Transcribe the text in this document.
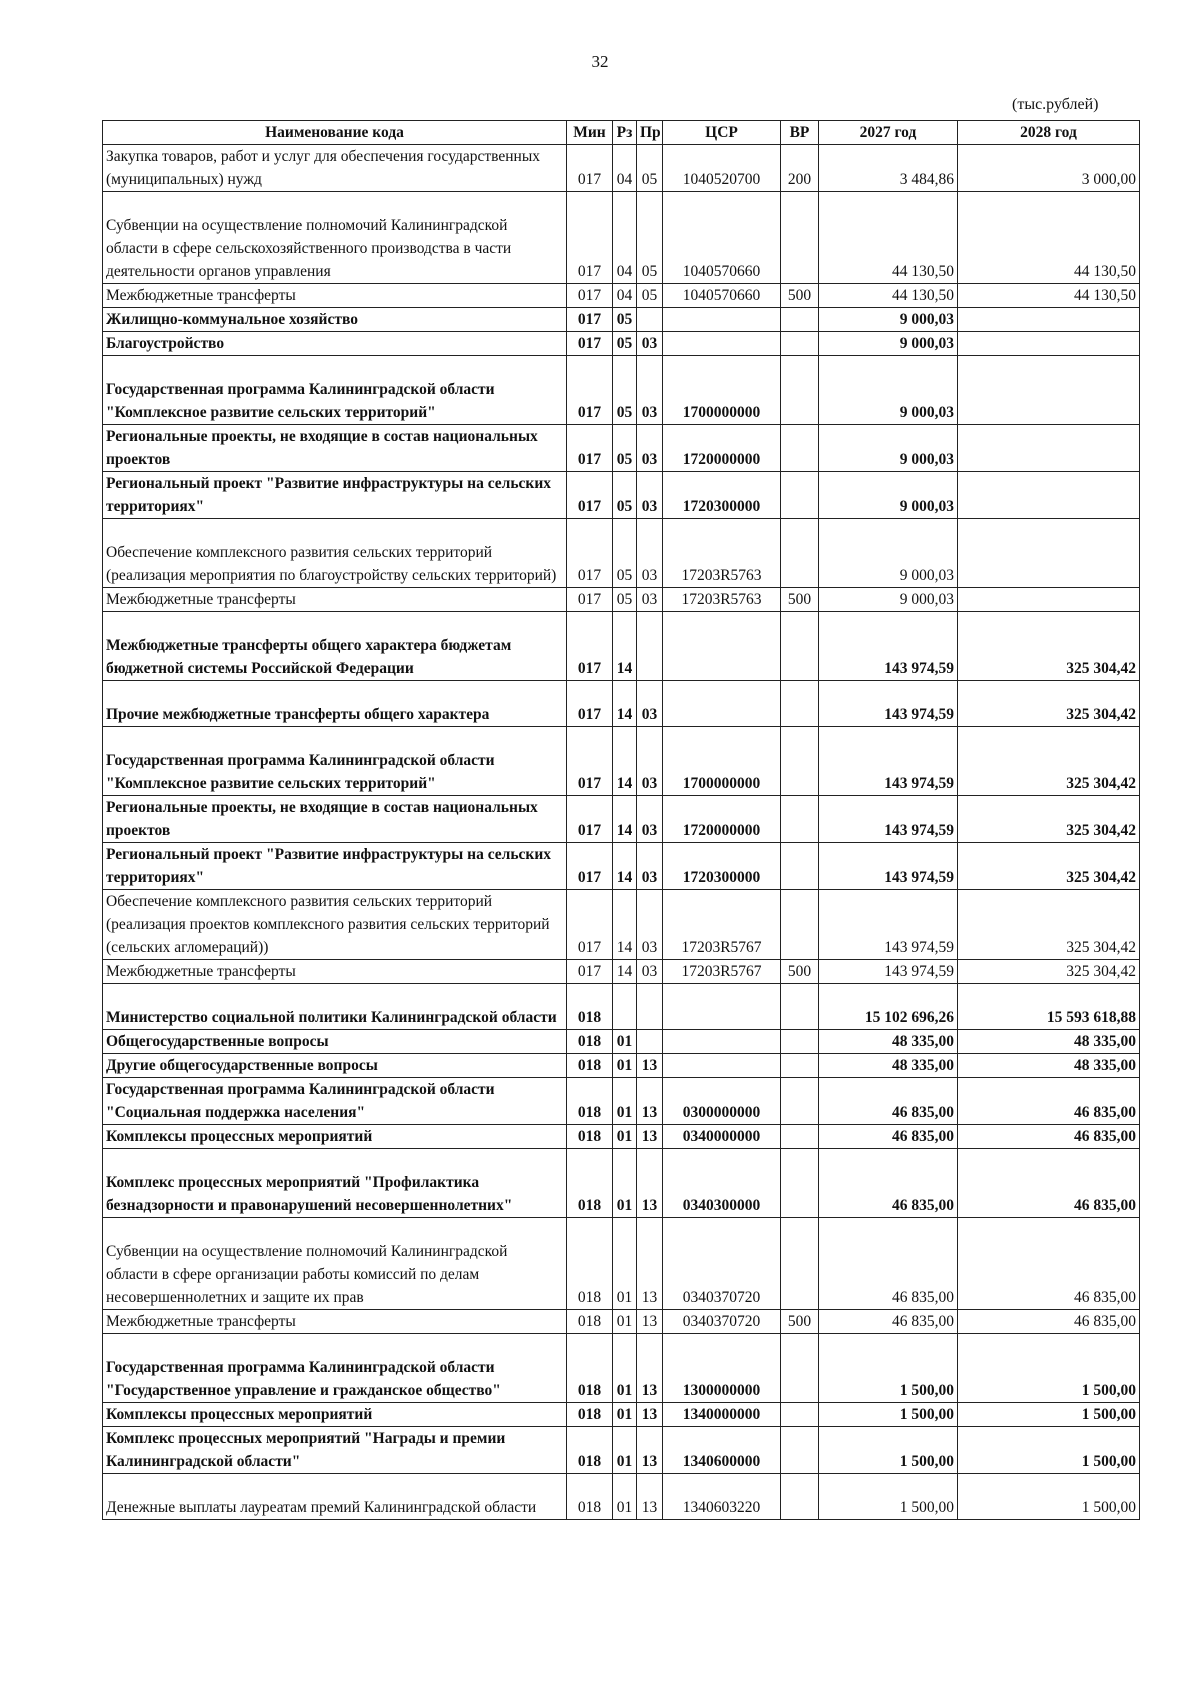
32
(тыс.рублей)
Наименование кода	Мин	Рз	Пр	ЦСР	ВР	2027 год	2028 год
Закупка товаров, работ и услуг для обеспечения государственных (муниципальных) нужд	017	04	05	1040520700	200	3 484,86	3 000,00
Субвенции на осуществление полномочий Калининградской области в сфере сельскохозяйственного производства в части деятельности органов управления	017	04	05	1040570660		44 130,50	44 130,50
Межбюджетные трансферты	017	04	05	1040570660	500	44 130,50	44 130,50
Жилищно-коммунальное хозяйство	017	05				9 000,03	
Благоустройство	017	05	03			9 000,03	
Государственная программа Калининградской области "Комплексное развитие сельских территорий"	017	05	03	1700000000		9 000,03	
Региональные проекты, не входящие в состав национальных проектов	017	05	03	1720000000		9 000,03	
Региональный проект "Развитие инфраструктуры на сельских территориях"	017	05	03	1720300000		9 000,03	
Обеспечение комплексного развития сельских территорий (реализация мероприятия по благоустройству сельских территорий)	017	05	03	17203R5763		9 000,03	
Межбюджетные трансферты	017	05	03	17203R5763	500	9 000,03	
Межбюджетные трансферты общего характера бюджетам бюджетной системы Российской Федерации	017	14				143 974,59	325 304,42
Прочие межбюджетные трансферты общего характера	017	14	03			143 974,59	325 304,42
Государственная программа Калининградской области "Комплексное развитие сельских территорий"	017	14	03	1700000000		143 974,59	325 304,42
Региональные проекты, не входящие в состав национальных проектов	017	14	03	1720000000		143 974,59	325 304,42
Региональный проект "Развитие инфраструктуры на сельских территориях"	017	14	03	1720300000		143 974,59	325 304,42
Обеспечение комплексного развития сельских территорий (реализация проектов комплексного развития сельских территорий (сельских агломераций))	017	14	03	17203R5767		143 974,59	325 304,42
Межбюджетные трансферты	017	14	03	17203R5767	500	143 974,59	325 304,42
Министерство социальной политики Калининградской области	018					15 102 696,26	15 593 618,88
Общегосударственные вопросы	018	01				48 335,00	48 335,00
Другие общегосударственные вопросы	018	01	13			48 335,00	48 335,00
Государственная программа Калининградской области "Социальная поддержка населения"	018	01	13	0300000000		46 835,00	46 835,00
Комплексы процессных мероприятий	018	01	13	0340000000		46 835,00	46 835,00
Комплекс процессных мероприятий "Профилактика безнадзорности и правонарушений несовершеннолетних"	018	01	13	0340300000		46 835,00	46 835,00
Субвенции на осуществление полномочий Калининградской области в сфере организации работы комиссий по делам несовершеннолетних и защите их прав	018	01	13	0340370720		46 835,00	46 835,00
Межбюджетные трансферты	018	01	13	0340370720	500	46 835,00	46 835,00
Государственная программа Калининградской области "Государственное управление и гражданское общество"	018	01	13	1300000000		1 500,00	1 500,00
Комплексы процессных мероприятий	018	01	13	1340000000		1 500,00	1 500,00
Комплекс процессных мероприятий "Награды и премии Калининградской области"	018	01	13	1340600000		1 500,00	1 500,00
Денежные выплаты лауреатам премий Калининградской области	018	01	13	1340603220		1 500,00	1 500,00
